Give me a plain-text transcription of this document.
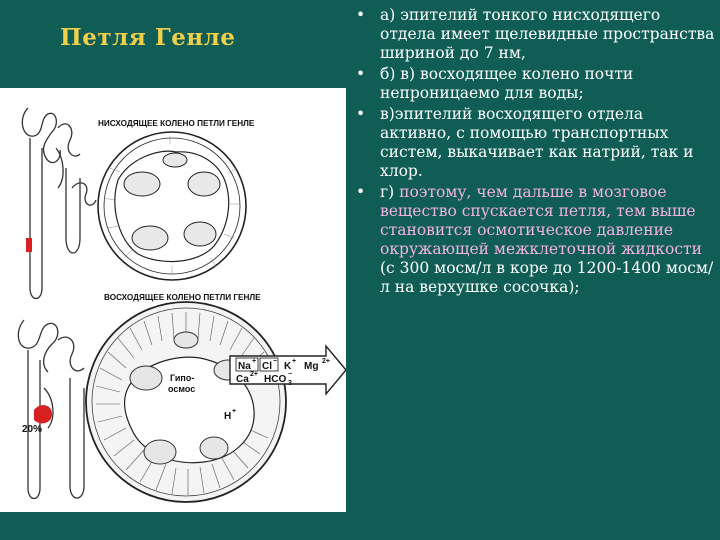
Петля Генле
НИСХОДЯЩЕЕ КОЛЕНО ПЕТЛИ ГЕНЛЕ
20%
ВОСХОДЯЩЕЕ КОЛЕНО ПЕТЛИ ГЕНЛЕ
Гипо-
осмос
Na + Cl − K + Mg 2+
Ca 2+ HCO 3
−
H +
• а) эпителий тонкого нисходящего отдела имеет щелевидные пространства шириной до 7 нм,
• б) в) восходящее колено почти непроницаемо для воды;
• в)эпителий восходящего отдела активно, с помощью транспортных систем, выкачивает как натрий, так и хлор.
• г) поэтому, чем дальше в мозговое вещество спускается петля, тем выше становится осмотическое давление окружающей межклеточной жидкости (с 300 мосм/л в коре до 1200-1400 мосм/л на верхушке сосочка);
